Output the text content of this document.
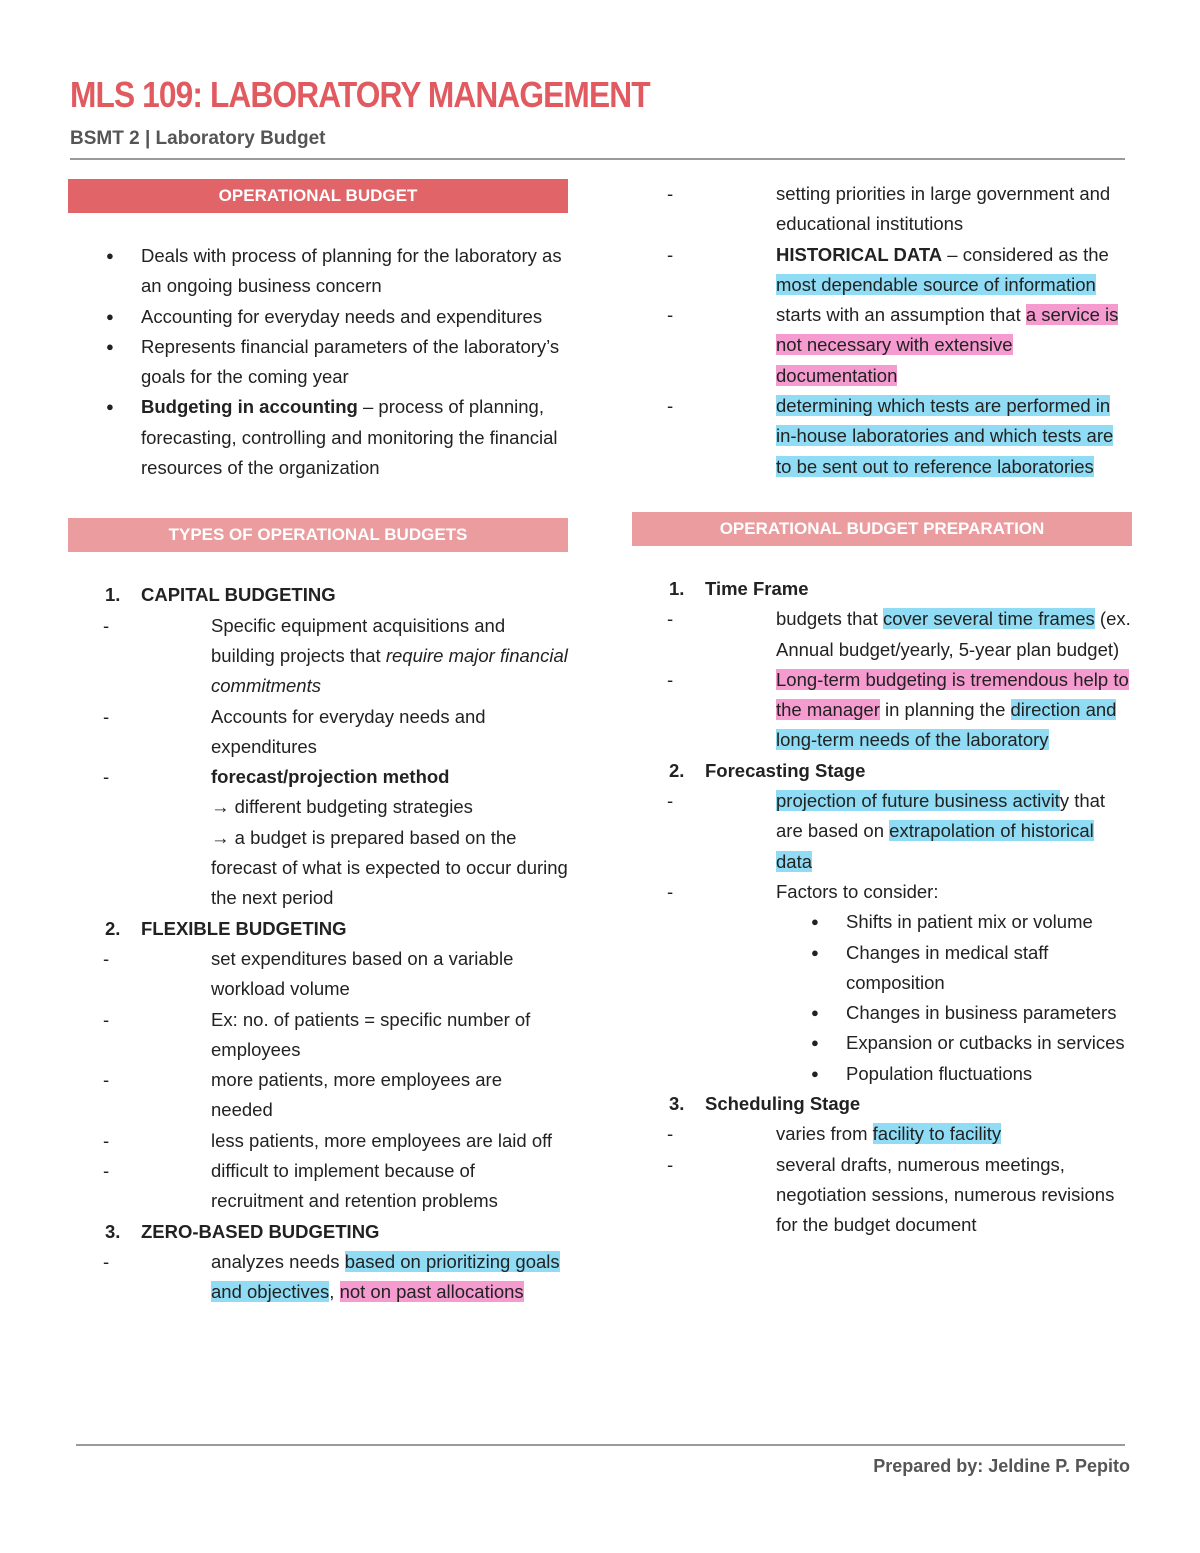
MLS 109: LABORATORY MANAGEMENT
BSMT 2 | Laboratory Budget
OPERATIONAL BUDGET
● Deals with process of planning for the laboratory as an ongoing business concern
● Accounting for everyday needs and expenditures
● Represents financial parameters of the laboratory’s goals for the coming year
● Budgeting in accounting – process of planning, forecasting, controlling and monitoring the financial resources of the organization
TYPES OF OPERATIONAL BUDGETS
1. CAPITAL BUDGETING
- Specific equipment acquisitions and building projects that require major financial commitments
- Accounts for everyday needs and expenditures
- forecast/projection method
→ different budgeting strategies
→ a budget is prepared based on the forecast of what is expected to occur during the next period
2. FLEXIBLE BUDGETING
- set expenditures based on a variable workload volume
- Ex: no. of patients = specific number of employees
- more patients, more employees are needed
- less patients, more employees are laid off
- difficult to implement because of recruitment and retention problems
3. ZERO-BASED BUDGETING
- analyzes needs based on prioritizing goals and objectives, not on past allocations
- setting priorities in large government and educational institutions
- HISTORICAL DATA – considered as the most dependable source of information
- starts with an assumption that a service is not necessary with extensive documentation
- determining which tests are performed in in-house laboratories and which tests are to be sent out to reference laboratories
OPERATIONAL BUDGET PREPARATION
1. Time Frame
- budgets that cover several time frames (ex. Annual budget/yearly, 5-year plan budget)
- Long-term budgeting is tremendous help to the manager in planning the direction and long-term needs of the laboratory
2. Forecasting Stage
- projection of future business activity that are based on extrapolation of historical data
- Factors to consider:
● Shifts in patient mix or volume
● Changes in medical staff composition
● Changes in business parameters
● Expansion or cutbacks in services
● Population fluctuations
3. Scheduling Stage
- varies from facility to facility
- several drafts, numerous meetings, negotiation sessions, numerous revisions for the budget document
Prepared by: Jeldine P. Pepito
